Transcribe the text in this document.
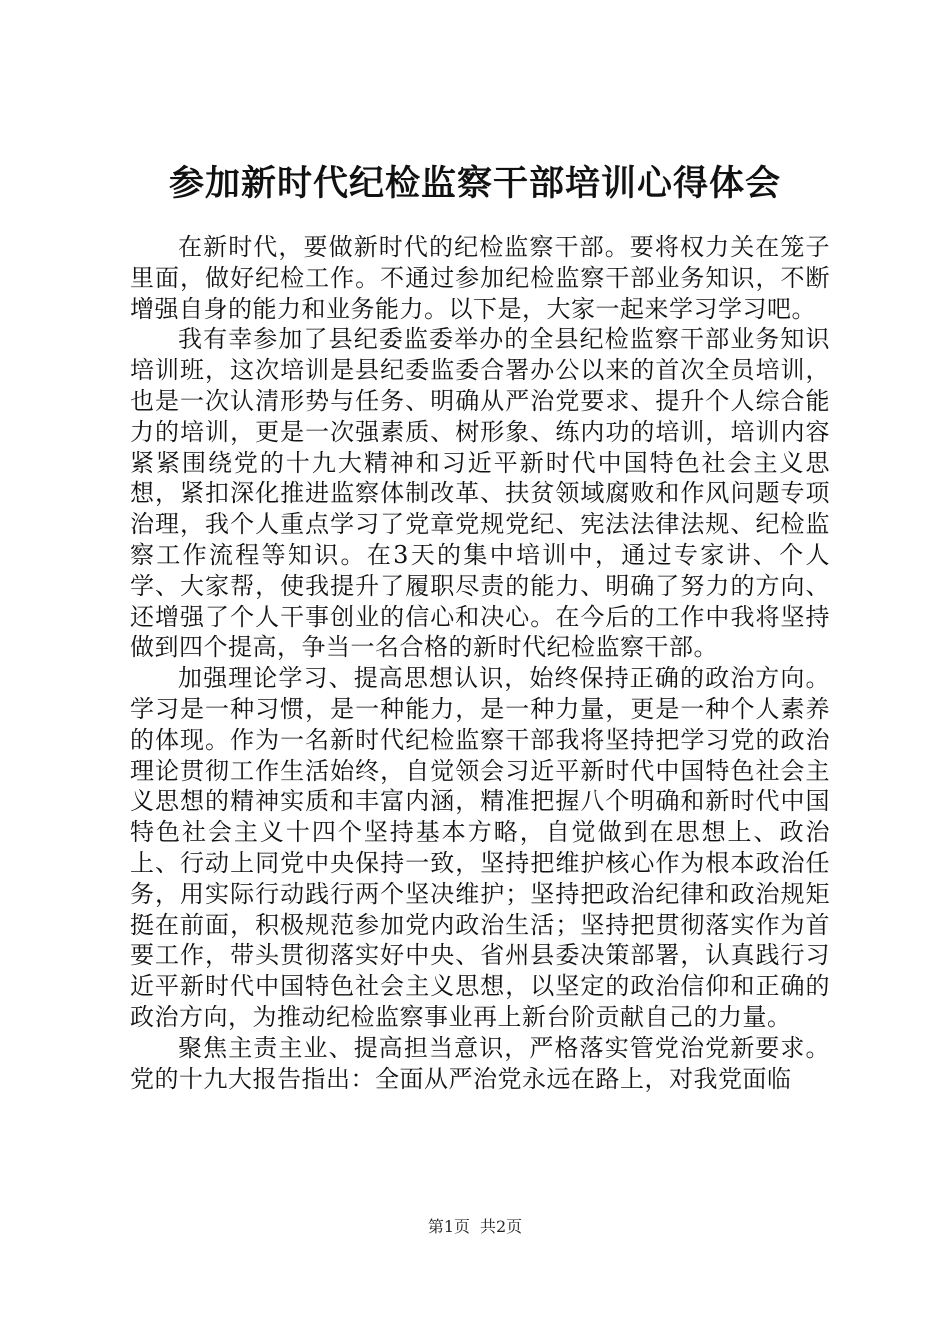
参加新时代纪检监察干部培训心得体会

在新时代，要做新时代的纪检监察干部。要将权力关在笼子里面，做好纪检工作。不通过参加纪检监察干部业务知识，不断增强自身的能力和业务能力。以下是，大家一起来学习学习吧。

我有幸参加了县纪委监委举办的全县纪检监察干部业务知识培训班，这次培训是县纪委监委合署办公以来的首次全员培训，也是一次认清形势与任务、明确从严治党要求、提升个人综合能力的培训，更是一次强素质、树形象、练内功的培训，培训内容紧紧围绕党的十九大精神和习近平新时代中国特色社会主义思想，紧扣深化推进监察体制改革、扶贫领域腐败和作风问题专项治理，我个人重点学习了党章党规党纪、宪法法律法规、纪检监察工作流程等知识。在3天的集中培训中，通过专家讲、个人学、大家帮，使我提升了履职尽责的能力、明确了努力的方向、还增强了个人干事创业的信心和决心。在今后的工作中我将坚持做到四个提高，争当一名合格的新时代纪检监察干部。

加强理论学习、提高思想认识，始终保持正确的政治方向。学习是一种习惯，是一种能力，是一种力量，更是一种个人素养的体现。作为一名新时代纪检监察干部我将坚持把学习党的政治理论贯彻工作生活始终，自觉领会习近平新时代中国特色社会主义思想的精神实质和丰富内涵，精准把握八个明确和新时代中国特色社会主义十四个坚持基本方略，自觉做到在思想上、政治上、行动上同党中央保持一致，坚持把维护核心作为根本政治任务，用实际行动践行两个坚决维护；坚持把政治纪律和政治规矩挺在前面，积极规范参加党内政治生活；坚持把贯彻落实作为首要工作，带头贯彻落实好中央、省州县委决策部署，认真践行习近平新时代中国特色社会主义思想，以坚定的政治信仰和正确的政治方向，为推动纪检监察事业再上新台阶贡献自己的力量。

聚焦主责主业、提高担当意识，严格落实管党治党新要求。党的十九大报告指出：全面从严治党永远在路上，对我党面临

第1页 共2页
